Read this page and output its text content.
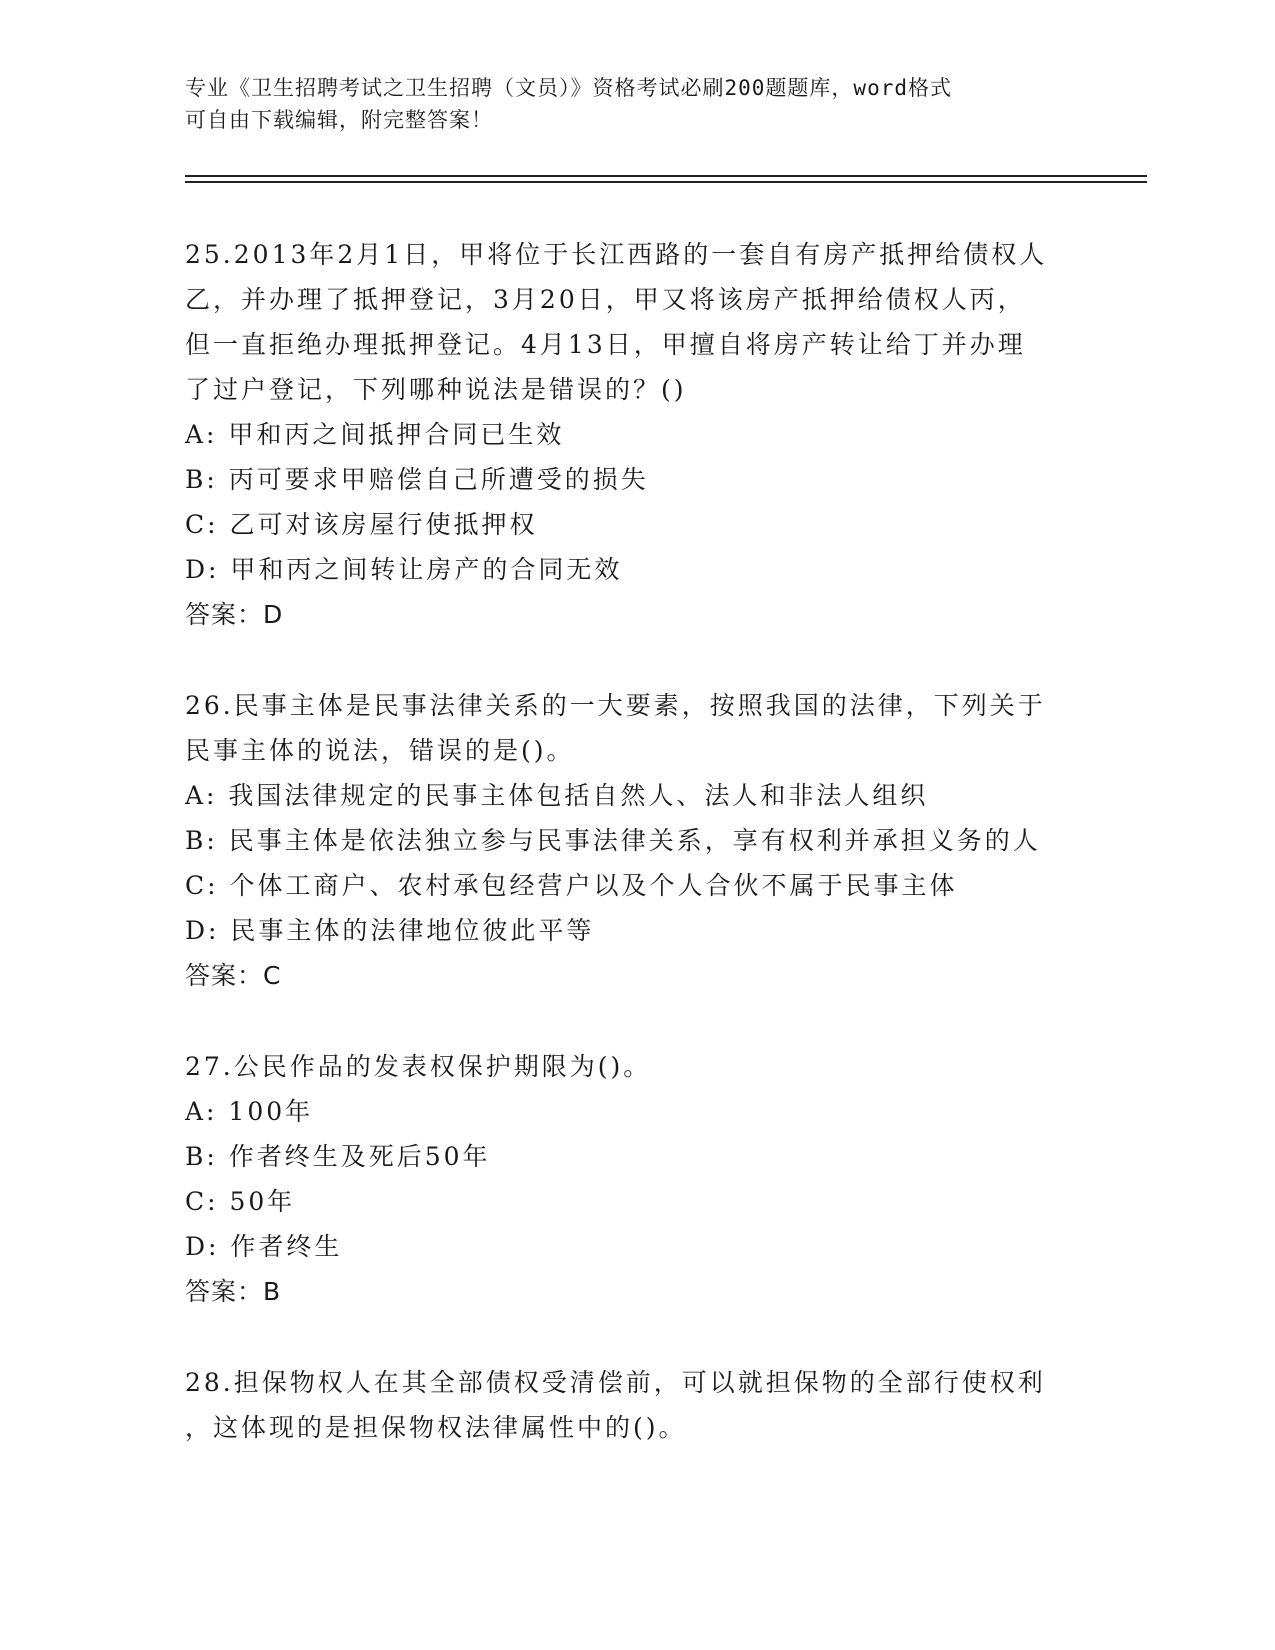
专业《卫生招聘考试之卫生招聘（文员）》资格考试必刷200题题库，word格式
可自由下载编辑，附完整答案！
25.2013年2月1日，甲将位于长江西路的一套自有房产抵押给债权人
乙，并办理了抵押登记，3月20日，甲又将该房产抵押给债权人丙，
但一直拒绝办理抵押登记。4月13日，甲擅自将房产转让给丁并办理
了过户登记，下列哪种说法是错误的？()
A: 甲和丙之间抵押合同已生效
B: 丙可要求甲赔偿自己所遭受的损失
C: 乙可对该房屋行使抵押权
D: 甲和丙之间转让房产的合同无效
答案：D
26.民事主体是民事法律关系的一大要素，按照我国的法律，下列关于
民事主体的说法，错误的是()。
A: 我国法律规定的民事主体包括自然人、法人和非法人组织
B: 民事主体是依法独立参与民事法律关系，享有权利并承担义务的人
C: 个体工商户、农村承包经营户以及个人合伙不属于民事主体
D: 民事主体的法律地位彼此平等
答案：C
27.公民作品的发表权保护期限为()。
A: 100年
B: 作者终生及死后50年
C: 50年
D: 作者终生
答案：B
28.担保物权人在其全部债权受清偿前，可以就担保物的全部行使权利
，这体现的是担保物权法律属性中的()。
